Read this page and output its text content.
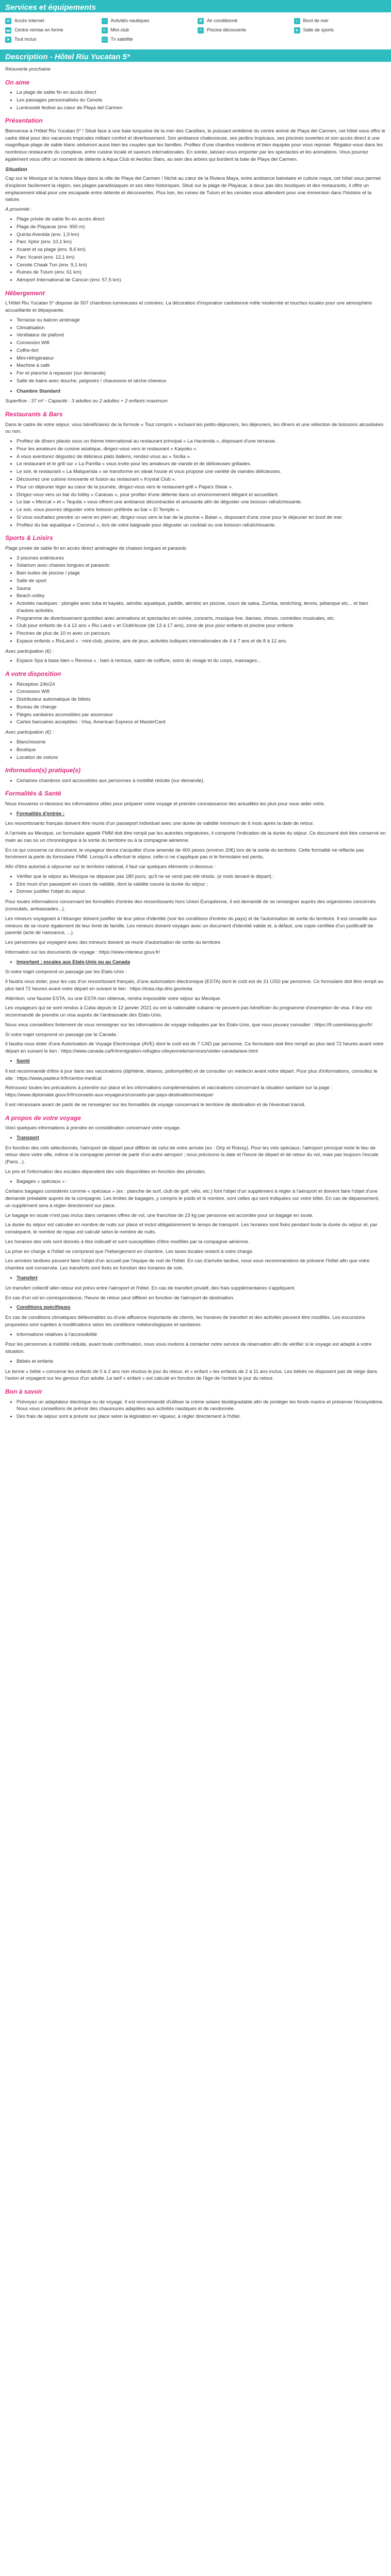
Services et équipements
≋ Accès Internet	~	Activités nautiques	✻ Air conditionné	☼ Bord de mer
▬ Centre remise en forme	☺ Mini club	≈	Piscine découverte	●	Salle de sports
★ Tout inclus	▭ Tv satellite
Description - Hôtel Riu Yucatan 5*

Réouverte prochaine

On aime
• La plage de sable fin en accès direct
• Les passages personnalisés du Cenote
• Luminosité festive au cœur de Playa del Carmen
Présentation

Bienvenue à l'Hôtel Riu Yucatan 5* ! Situé face à une baie turquoise de la mer des Caraïbes, le puissant emblème du centre animé de Playa del Carmen, cet hôtel vous offre le cadre idéal pour des vacances tropicales mêlant confort et divertissement. Son ambiance chaleureuse, ses jardins tropicaux, ses piscines ouvertes et son accès direct à une magnifique plage de sable blanc séduiront aussi bien les couples que les familles. Profitez d'une chambre moderne et bien équipée pour vous reposer. Régalez-vous dans les nombreux restaurants du complexe, entre cuisine locale et saveurs internationales. En soirée, laissez-vous emporter par les spectacles et les animations. Vous pourrez également vous offrir un moment de détente à Aqua Club et Aeoliss Stars, au sein des arbres qui bordent la baie de Playa del Carmen.

Situation

Cap sur le Mexique et la riviera Maya dans la ville de Playa del Carmen ! Niché au cœur de la Riviera Maya, entre ambiance balnéaire et culture maya, cet hôtel vous permet d'explorer facilement la région, ses plages paradisiaques et ses sites historiques. Situé sur la plage de Playacar, à deux pas des boutiques et des restaurants, il offre un emplacement idéal pour une escapade entre détente et découvertes. Plus loin, les ruines de Tulum et les cenotes vous attendent pour une immersion dans l'histoire et la nature.

A proximité :

• Plage privée de sable fin en accès direct
• Plage de Playacar (env. 950 m)
• Quinta Avenida (env. 1,9 km)
• Parc Xplor (env. 10,1 km)
• Xcaret et sa plage (env. 8,6 km)
• Parc Xcaret (env. 12,1 km)
• Cenote Chaak Tun (env. 9,1 km)
• Ruines de Tulum (env. 61 km)
• Aéroport International de Cancún (env. 57,5 km)
Hébergement

L'Hôtel Riu Yucatan 5* dispose de 507 chambres lumineuses et colorées. La décoration d'inspiration caribéenne mêle modernité et touches locales pour une atmosphère accueillante et dépaysante.

• Terrasse ou balcon aménagé
• Climatisation
• Ventilateur de plafond
• Connexion Wifi
• Coffre-fort
• Mini-réfrigérateur
• Machine à café
• Fer et planche à repasser (sur demande)
• Salle de bains avec douche, peignoirs / chaussons et sèche-cheveux
• Chambre Standard

Superficie : 37 m² - Capacité : 3 adultes ou 2 adultes + 2 enfants maximum

Restaurants & Bars

Dans le cadre de votre séjour, vous bénéficierez de la formule « Tout compris » incluant les petits-déjeuners, les déjeuners, les dîners et une sélection de boissons alcoolisées ou non.

• Profitez de dîners placés sous un thème international au restaurant principal « La Hacienda », disposant d'une terrasse.
• Pour les amateurs de cuisine asiatique, dirigez-vous vers le restaurant « Kaiyoko ».
• A vous aventurez dégustez de délicieux plats italiens, rendez-vous au « Sicilia ».
• Le restaurant et le grill sur « La Parrilla » vous invite pour les amateurs de viande et de délicieuses grillades.
• Le soir, le restaurant « La Malquerida » se transforme en steak house et vous propose une variété de viandes délicieuses.
• Découvrez une cuisine innovante et fusion au restaurant « Krystal Club ».
• Pour un déjeuner léger au cœur de la journée, dirigez-vous vers le restaurant-grill « Papa's Steak ».
• Dirigez-vous vers un bar du lobby « Caracas », pour profiter d'une détente dans un environnement élégant et accueillant.
• Le bar « Mezcal » et « Tequila » vous offrent une ambiance décontractée et amusante afin de déguster une boisson rafraîchissante.
• Le soir, vous pourrez déguster votre boisson préférée au bar « El Templo ».
• Si vous souhaitez prendre un verre en plein air, dirigez-vous vers le bar de la piscine « Balan », disposant d'une zone pour le déjeuner en bord de mer.
• Profitez du bar aquatique « Coconut », lors de votre baignade pour déguster un cocktail ou une boisson rafraîchissante.
Sports & Loisirs

Plage privée de sable fin en accès direct aménagée de chaises longues et parasols

• 3 piscines extérieures
• Solarium avec chaises longues et parasols
• Bain bulles de piscine / plage
• Salle de sport
• Sauna
• Beach-volley
• Activités nautiques : plongée avec tuba et kayaks, aérobic aquatique, paddle, aérobic en piscine, cours de salsa, Zumba, stretching, tennis, pétanque etc... et bien d'autres activités.
• Programme de divertissement quotidien avec animations et spectacles en soirée, concerts, musique live, danses, shows, comédies musicales, etc.
• Club pour enfants de 4 à 12 ans « Riu Land » et ClubHouse (de 13 à 17 ans), zone de jeux pour enfants et piscine pour enfants
• Piscines de plus de 10 m avec un parcours
• Espace enfants « RiuLand » : mini-club, piscine, aire de jeux, activités ludiques internationales de 4 à 7 ans et de 8 à 12 ans.

Avec participation (€) :

• Espace Spa à base bien « Renova » : bain à remous, salon de coiffure, soins du visage et du corps, massages...
A votre disposition
• Réception 24h/24
• Connexion Wifi
• Distributeur automatique de billets
• Bureau de change
• Pièges sanitaires accessibles par ascenseur
• Cartes bancaires acceptées : Visa, American Express et MasterCard

Avec participation (€) :

• Blanchisserie
• Boutique
• Location de voiture
Information(s) pratique(s)
• Certaines chambres sont accessibles aux personnes à mobilité réduite (sur demande).
Formalités & Santé

Nous trouverez ci-dessous les informations utiles pour préparer votre voyage et prendre connaissance des actualités les plus pour vous aider votre.

• Formalités d'entrée :

Les ressortissants français doivent être munis d'un passeport individuel avec une durée de validité minimum de 6 mois après la date de retour.

A l'arrivée au Mexique, un formulaire appelé FMM doit être rempli par les autorités migratoires, il comporte l'indication de la durée du séjour. Ce document doit être conservé en main au cas où un chronologique à la sortie du territoire ou à la compagnie aérienne.

En ce qui concerne ce document, le voyageur devra s'acquitter d'une amende de 400 pesos (environ 20€) lors de la sortie du territoire. Cette formalité ne réflecte pas forcément la perte du formulaire FMM. Lorsqu'il a effectué le séjour, celle-ci ne s'applique pas si le formulaire est perdu.

Afin d'être autorisé à séjourner sur le territoire national, il faut car quelques éléments ci-dessous :

• Vérifier que le séjour au Mexique ne dépasse pas 180 jours, qu'il ne se vend pas été résolu. (e mois devant le départ) ;
• Etre muni d'un passeport en cours de validité, dont la validité couvre la durée du séjour ;
• Donner justifier l'objet du séjour.

Pour toutes informations concernant les formalités d'entrée des ressortissants hors Union Européenne, il est demandé de se renseigner auprès des organismes concernés (consulats, ambassades...).

Les mineurs voyageant à l'étranger doivent justifier de leur pièce d'identité (voir les conditions d'entrée du pays) et de l'autorisation de sortie du territoire. Il est conseillé aux mineurs de se munir également de leur livret de famille. Les mineurs doivent voyager avec un document d'identité valide et, à défaut, une copie certifiée d'un justificatif de parenté (acte de naissance, ...).

Les personnes qui voyagent avec des mineurs doivent se munir d'autorisation de sortie du territoire.

Information sur les documents de voyage : https://www.interieur.gouv.fr/

• Important : escales aux Etats-Unis ou au Canada

Si votre trajet comprend un passage par les Etats-Unis :

Il faudra vous doter, pour les cas d'un ressortissant français, d'une autorisation électronique (ESTA) dont le coût est de 21 USD par personne. Ce formulaire doit être rempli au plus tard 72 heures avant votre départ en suivant le lien : https://esta.cbp.dhs.gov/esta

Attention, une fausse ESTA, ou une ESTA non obtenue, rendra impossible votre séjour au Mexique.

Les voyageurs qui se sont rendus à Cuba depuis le 12 janvier 2021 ou ont la nationalité cubaine ne peuvent pas bénéficier du programme d'exemption de visa. Il leur est recommandé de prendre un visa auprès de l'ambassade des Etats-Unis.

Nous vous conseillons fortement de vous renseigner sur les informations de voyage indiquées par les Etats-Unis, que vous pouvez consulter : https://fr.usembassy.gov/fr/

Si votre trajet comprend un passage par le Canada :

Il faudra vous doter d'une Autorisation de Voyage Electronique (AVE) dont le coût est de 7 CAD par personne. Ce formulaire doit être rempli au plus tard 72 heures avant votre départ en suivant le lien : https://www.canada.ca/fr/immigration-refugies-citoyennete/services/visiter-canada/ave.html

• Santé

Il est recommandé d'être à jour dans ses vaccinations (diphtérie, tétanos, poliomyélite) et de consulter un médecin avant votre départ. Pour plus d'informations, consultez le site : https://www.pasteur.fr/fr/centre-medical

Retrouvez toutes les précautions à prendre sur place et les informations complémentaires et vaccinations concernant la situation sanitaire sur la page : https://www.diplomatie.gouv.fr/fr/conseils-aux-voyageurs/conseils-par-pays-destination/mexique/

Il est nécessaire avant de partir de se renseigner sur les formalités de voyage concernant le territoire de destination et de l'éventuel transit.

A propos de votre voyage

Voici quelques informations à prendre en considération concernant votre voyage.

• Transport

En fonction des vols sélectionnés, l'aéroport de départ peut différer de celui de votre arrivée (ex : Orly et Roissy). Pour les vols spéciaux, l'aéroport principal reste le lieu de retour dans votre ville, même si la compagnie permet de partir d'un autre aéroport ; nous précisons la date et l'heure de départ et de retour du vol, mais pas toujours l'escale (Paris...).

Le prix et l'information des escales dépendent des vols disponibles en fonction des périodes.

• Bagages « spéciaux » :

Certains bagages considérés comme « spéciaux » (ex : planche de surf, club de golf, vélo, etc.) font l'objet d'un supplément à régler à l'aéroport et doivent faire l'objet d'une demande préalable auprès de la compagnie. Les limites de bagages, y compris le poids et le nombre, sont celles qui sont indiquées sur votre billet. En cas de dépassement, un supplément sera à régler directement sur place.

Le bagage en soute n'est pas inclus dans certaines offres de vol, une franchise de 23 kg par personne est accordée pour un bagage en soute.

La durée du séjour est calculée en nombre de nuits sur place et inclut obligatoirement le temps de transport. Les horaires sont fixés pendant toute la durée du séjour et, par conséquent, le nombre de repas est calculé selon le nombre de nuits.

Les horaires des vols sont donnés à titre indicatif et sont susceptibles d'être modifiés par la compagnie aérienne.

La prise en charge à l'hôtel ne comprend que l'hébergement en chambre. Les taxes locales restent à votre charge.

Les arrivées tardives peuvent faire l'objet d'un accueil par l'équipe de nuit de l'hôtel. En cas d'arrivée tardive, nous vous recommandons de prévenir l'hôtel afin que votre chambre soit conservée. Les transferts sont fixés en fonction des horaires de vols.

• Transfert

Un transfert collectif aller-retour est prévu entre l'aéroport et l'hôtel. En cas de transfert privatif, des frais supplémentaires s'appliquent.

En cas d'un vol en correspondance, l'heure de retour peut différer en fonction de l'aéroport de destination.

• Conditions spécifiques

En cas de conditions climatiques défavorables ou d'une affluence importante de clients, les horaires de transfert et des activités peuvent être modifiés. Les excursions proposées sont sujettes à modifications selon les conditions météorologiques et sanitaires.

• Informations relatives à l'accessibilité

Pour les personnes à mobilité réduite, avant toute confirmation, nous vous invitons à contacter notre service de réservation afin de vérifier si le voyage est adapté à votre situation.

• Bébés et enfants

Le terme « bébé » concerne les enfants de 0 à 2 ans non révolus le jour du retour, et « enfant » les enfants de 2 à 11 ans inclus. Les bébés ne disposent pas de siège dans l'avion et voyagent sur les genoux d'un adulte. Le tarif « enfant » est calculé en fonction de l'âge de l'enfant le jour du retour.

Bon à savoir
• Prévoyez un adaptateur électrique ou de voyage. Il est recommandé d'utiliser la crème solaire biodégradable afin de protéger les fonds marins et préserver l'écosystème. Nous vous conseillons de prévoir des chaussures adaptées aux activités nautiques et de randonnée.
• Des frais de séjour sont à prévoir sur place selon la législation en vigueur, à régler directement à l'hôtel.
